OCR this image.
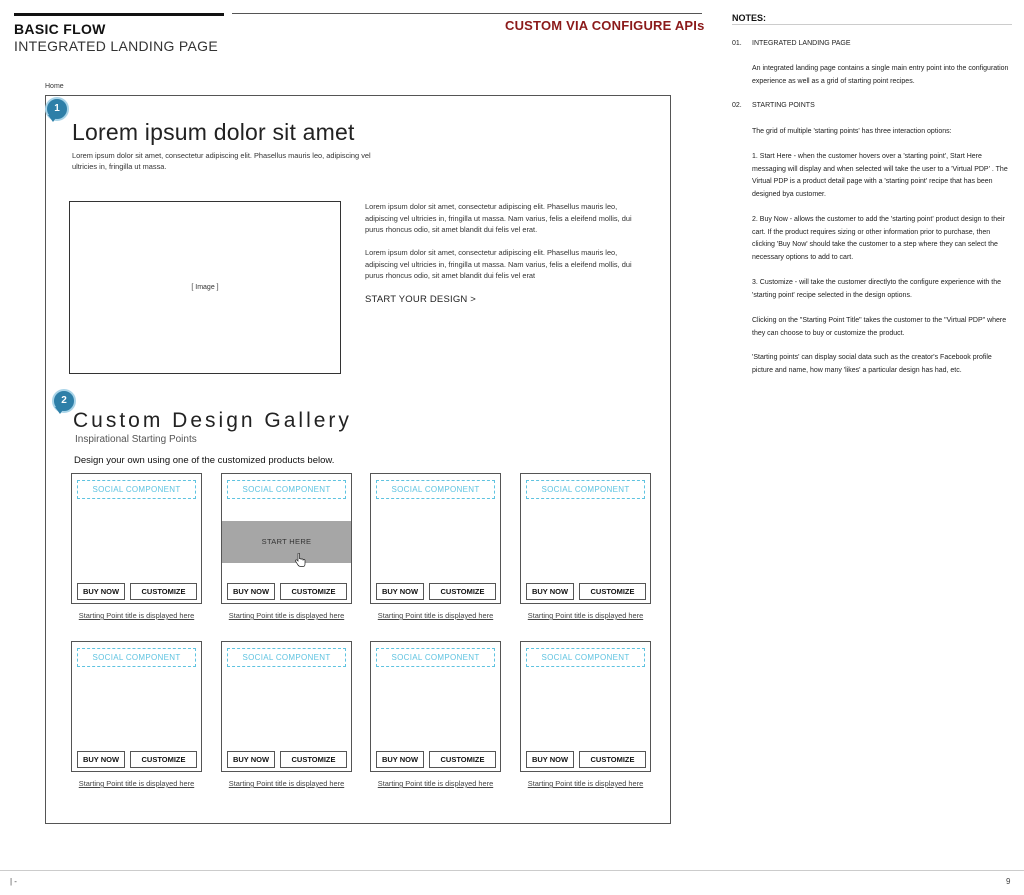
BASIC FLOW
INTEGRATED LANDING PAGE
CUSTOM VIA CONFIGURE APIs
Home
1
Lorem ipsum dolor sit amet
Lorem ipsum dolor sit amet, consectetur adipiscing elit. Phasellus mauris leo, adipiscing vel ultricies in, fringilla ut massa.
[ Image ]
Lorem ipsum dolor sit amet, consectetur adipiscing elit. Phasellus mauris leo, adipiscing vel ultricies in, fringilla ut massa. Nam varius, felis a eleifend mollis, dui purus rhoncus odio, sit amet blandit dui felis vel erat.
Lorem ipsum dolor sit amet, consectetur adipiscing elit. Phasellus mauris leo, adipiscing vel ultricies in, fringilla ut massa. Nam varius, felis a eleifend mollis, dui purus rhoncus odio, sit amet blandit dui felis vel erat
START YOUR DESIGN >
2
Custom Design Gallery
Inspirational Starting Points
Design your own using one of the customized products below.
SOCIAL COMPONENT
BUY NOW	CUSTOMIZE
SOCIAL COMPONENT
START HERE
BUY NOW	CUSTOMIZE
SOCIAL COMPONENT
BUY NOW	CUSTOMIZE
SOCIAL COMPONENT
BUY NOW	CUSTOMIZE
Starting Point title is displayed here	Starting Point title is displayed here	Starting Point title is displayed here	Starting Point title is displayed here
SOCIAL COMPONENT
BUY NOW	CUSTOMIZE
SOCIAL COMPONENT
BUY NOW	CUSTOMIZE
SOCIAL COMPONENT
BUY NOW	CUSTOMIZE
SOCIAL COMPONENT
BUY NOW	CUSTOMIZE
Starting Point title is displayed here	Starting Point title is displayed here	Starting Point title is displayed here	Starting Point title is displayed here
NOTES:
01. INTEGRATED LANDING PAGE
An integrated landing page contains a single main entry point into the configuration experience as well as a grid of starting point recipes.
02. STARTING POINTS
The grid of multiple 'starting points' has three interaction options:
1. Start Here - when the customer hovers over a 'starting point', Start Here messaging will display and when selected will take the user to a 'Virtual PDP' . The Virtual PDP is a product detail page with a 'starting point' recipe that has been designed bya customer.
2. Buy Now - allows the customer to add the 'starting point' product design to their cart. If the product requires sizing or other information prior to purchase, then clicking 'Buy Now' should take the customer to a step where they can select the necessary options to add to cart.
3. Customize - will take the customer directlyto the configure experience with the 'starting point' recipe selected in the design options.
Clicking on the "Starting Point Title" takes the customer to the "Virtual PDP" where they can choose to buy or customize the product.
'Starting points' can display social data such as the creator's Facebook profile picture and name, how many 'likes' a particular design has had, etc.
| -	9
